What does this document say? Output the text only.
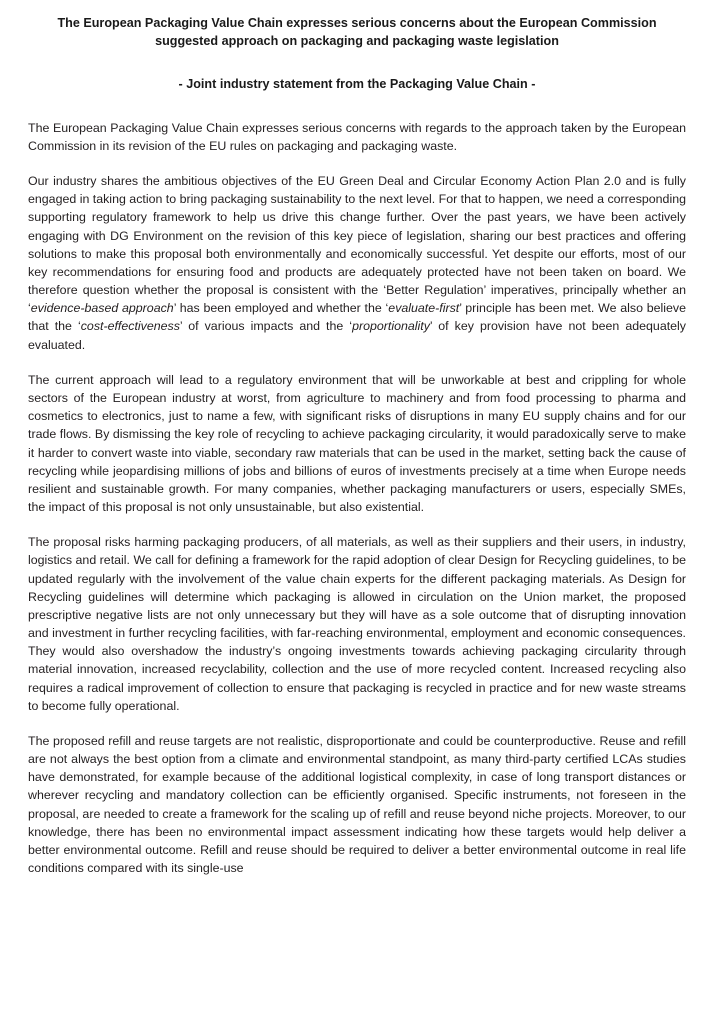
The European Packaging Value Chain expresses serious concerns about the European Commission suggested approach on packaging and packaging waste legislation
- Joint industry statement from the Packaging Value Chain -

The European Packaging Value Chain expresses serious concerns with regards to the approach taken by the European Commission in its revision of the EU rules on packaging and packaging waste.

Our industry shares the ambitious objectives of the EU Green Deal and Circular Economy Action Plan 2.0 and is fully engaged in taking action to bring packaging sustainability to the next level. For that to happen, we need a corresponding supporting regulatory framework to help us drive this change further. Over the past years, we have been actively engaging with DG Environment on the revision of this key piece of legislation, sharing our best practices and offering solutions to make this proposal both environmentally and economically successful. Yet despite our efforts, most of our key recommendations for ensuring food and products are adequately protected have not been taken on board. We therefore question whether the proposal is consistent with the ‘Better Regulation’ imperatives, principally whether an ‘evidence-based approach’ has been employed and whether the ‘evaluate-first’ principle has been met. We also believe that the ‘cost-effectiveness’ of various impacts and the ‘proportionality’ of key provision have not been adequately evaluated.

The current approach will lead to a regulatory environment that will be unworkable at best and crippling for whole sectors of the European industry at worst, from agriculture to machinery and from food processing to pharma and cosmetics to electronics, just to name a few, with significant risks of disruptions in many EU supply chains and for our trade flows. By dismissing the key role of recycling to achieve packaging circularity, it would paradoxically serve to make it harder to convert waste into viable, secondary raw materials that can be used in the market, setting back the cause of recycling while jeopardising millions of jobs and billions of euros of investments precisely at a time when Europe needs resilient and sustainable growth. For many companies, whether packaging manufacturers or users, especially SMEs, the impact of this proposal is not only unsustainable, but also existential.

The proposal risks harming packaging producers, of all materials, as well as their suppliers and their users, in industry, logistics and retail. We call for defining a framework for the rapid adoption of clear Design for Recycling guidelines, to be updated regularly with the involvement of the value chain experts for the different packaging materials. As Design for Recycling guidelines will determine which packaging is allowed in circulation on the Union market, the proposed prescriptive negative lists are not only unnecessary but they will have as a sole outcome that of disrupting innovation and investment in further recycling facilities, with far-reaching environmental, employment and economic consequences. They would also overshadow the industry’s ongoing investments towards achieving packaging circularity through material innovation, increased recyclability, collection and the use of more recycled content. Increased recycling also requires a radical improvement of collection to ensure that packaging is recycled in practice and for new waste streams to become fully operational.

The proposed refill and reuse targets are not realistic, disproportionate and could be counterproductive. Reuse and refill are not always the best option from a climate and environmental standpoint, as many third-party certified LCAs studies have demonstrated, for example because of the additional logistical complexity, in case of long transport distances or wherever recycling and mandatory collection can be efficiently organised. Specific instruments, not foreseen in the proposal, are needed to create a framework for the scaling up of refill and reuse beyond niche projects. Moreover, to our knowledge, there has been no environmental impact assessment indicating how these targets would help deliver a better environmental outcome. Refill and reuse should be required to deliver a better environmental outcome in real life conditions compared with its single-use
